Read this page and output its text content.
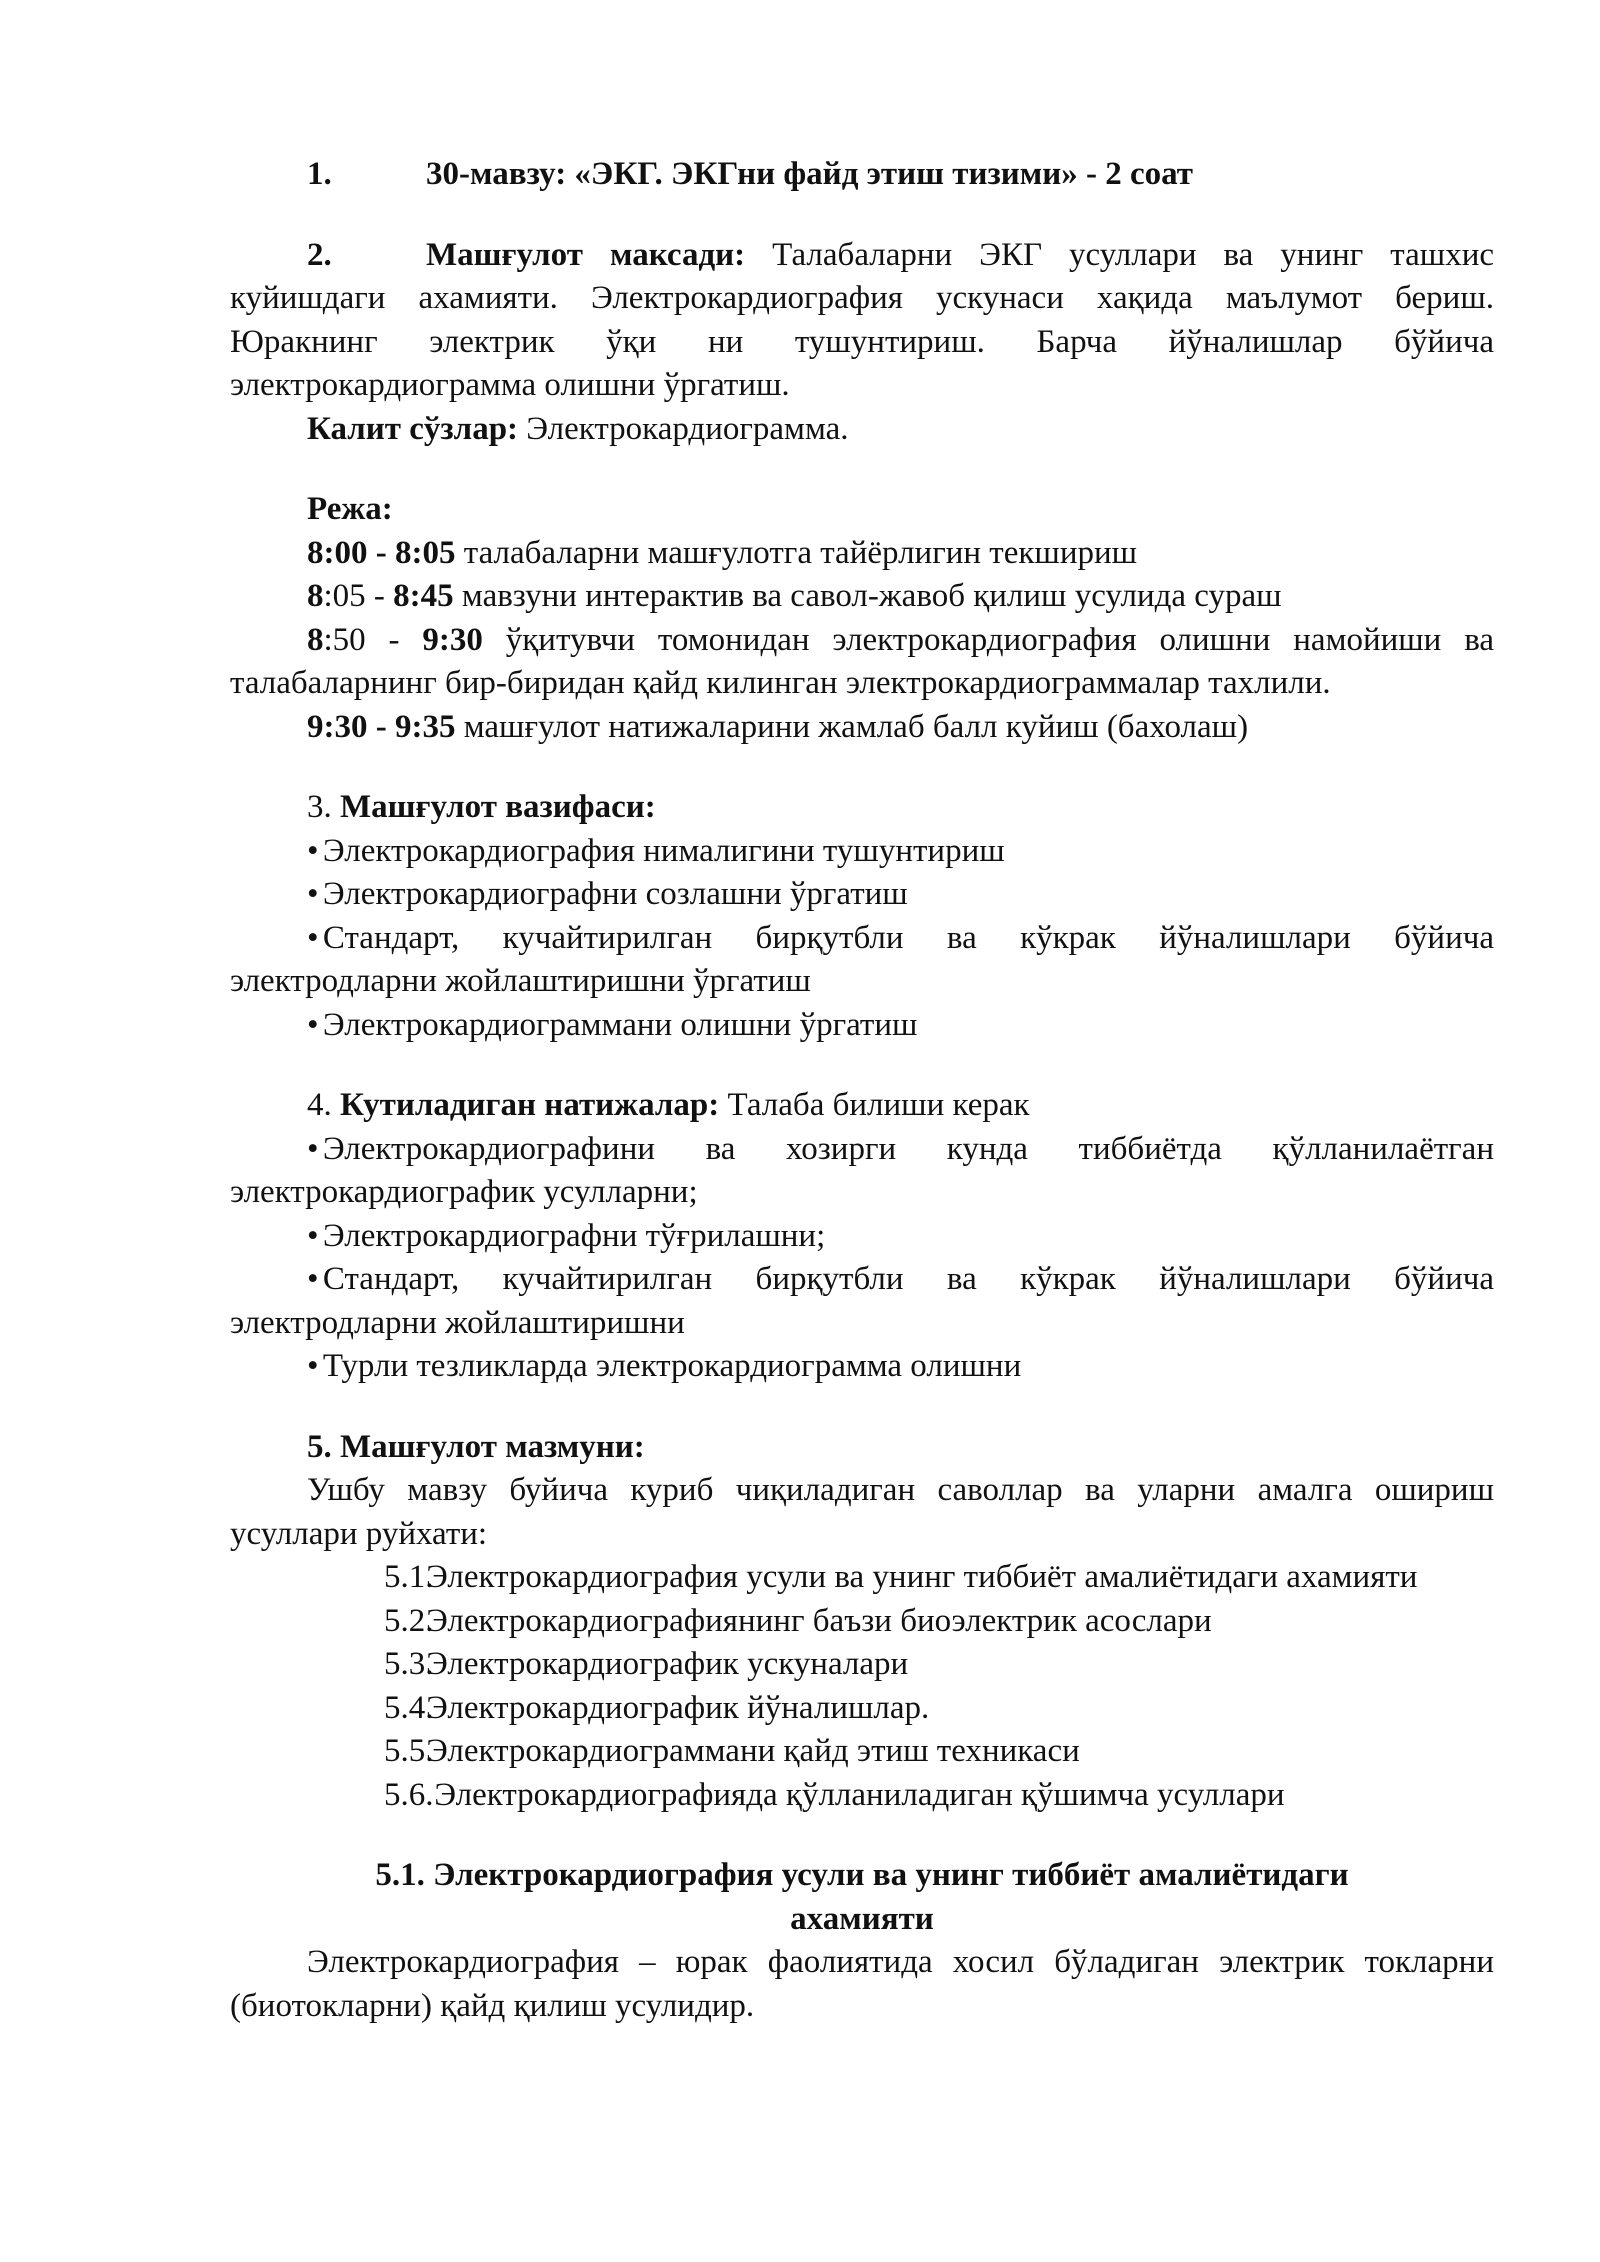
1.	30-мавзу: «ЭКГ. ЭКГни файд этиш тизими» - 2 соат

2.	Машғулот максади: Талабаларни ЭКГ усуллари ва унинг ташхис куйишдаги ахамияти. Электрокардиография ускунаси хақида маълумот бериш. Юракнинг электрик ўқи ни тушунтириш. Барча йўналишлар бўйича электрокардиограмма олишни ўргатиш.

Калит сўзлар: Электрокардиограмма.

Режа:

8:00 - 8:05 талабаларни машғулотга тайёрлигин текшириш

8:05 - 8:45 мавзуни интерактив ва савол-жавоб қилиш усулида сураш

8:50 - 9:30 ўқитувчи томонидан электрокардиография олишни намойиши ва талабаларнинг бир-биридан қайд килинган электрокардиограммалар тахлили.

9:30 - 9:35 машғулот натижаларини жамлаб балл куйиш (бахолаш)

3. Машғулот вазифаси:

• Электрокардиография нималигини тушунтириш

• Электрокардиографни созлашни ўргатиш

• Стандарт, кучайтирилган бирқутбли ва кўкрак йўналишлари бўйича электродларни жойлаштиришни ўргатиш

• Электрокардиограммани олишни ўргатиш

4. Кутиладиган натижалар: Талаба билиши керак

• Электрокардиографини ва хозирги кунда тиббиётда қўлланилаётган электрокардиографик усулларни;

• Электрокардиографни тўғрилашни;

• Стандарт, кучайтирилган бирқутбли ва кўкрак йўналишлари бўйича электродларни жойлаштиришни

• Турли тезликларда электрокардиограмма олишни

5. Машғулот мазмуни:

Ушбу мавзу буйича куриб чиқиладиган саволлар ва уларни амалга ошириш усуллари руйхати:

5.1.Электрокардиография усули ва унинг тиббиёт амалиётидаги ахамияти

5.2.Электрокардиографиянинг баъзи биоэлектрик асослари

5.3.Электрокардиографик ускуналари

5.4.Электрокардиографик йўналишлар.

5.5.Электрокардиограммани қайд этиш техникаси

5.6. Электрокардиографияда қўлланиладиган қўшимча усуллари

5.1. Электрокардиография усули ва унинг тиббиёт амалиётидаги
ахамияти

Электрокардиография – юрак фаолиятида хосил бўладиган электрик токларни (биотокларни) қайд қилиш усулидир.
